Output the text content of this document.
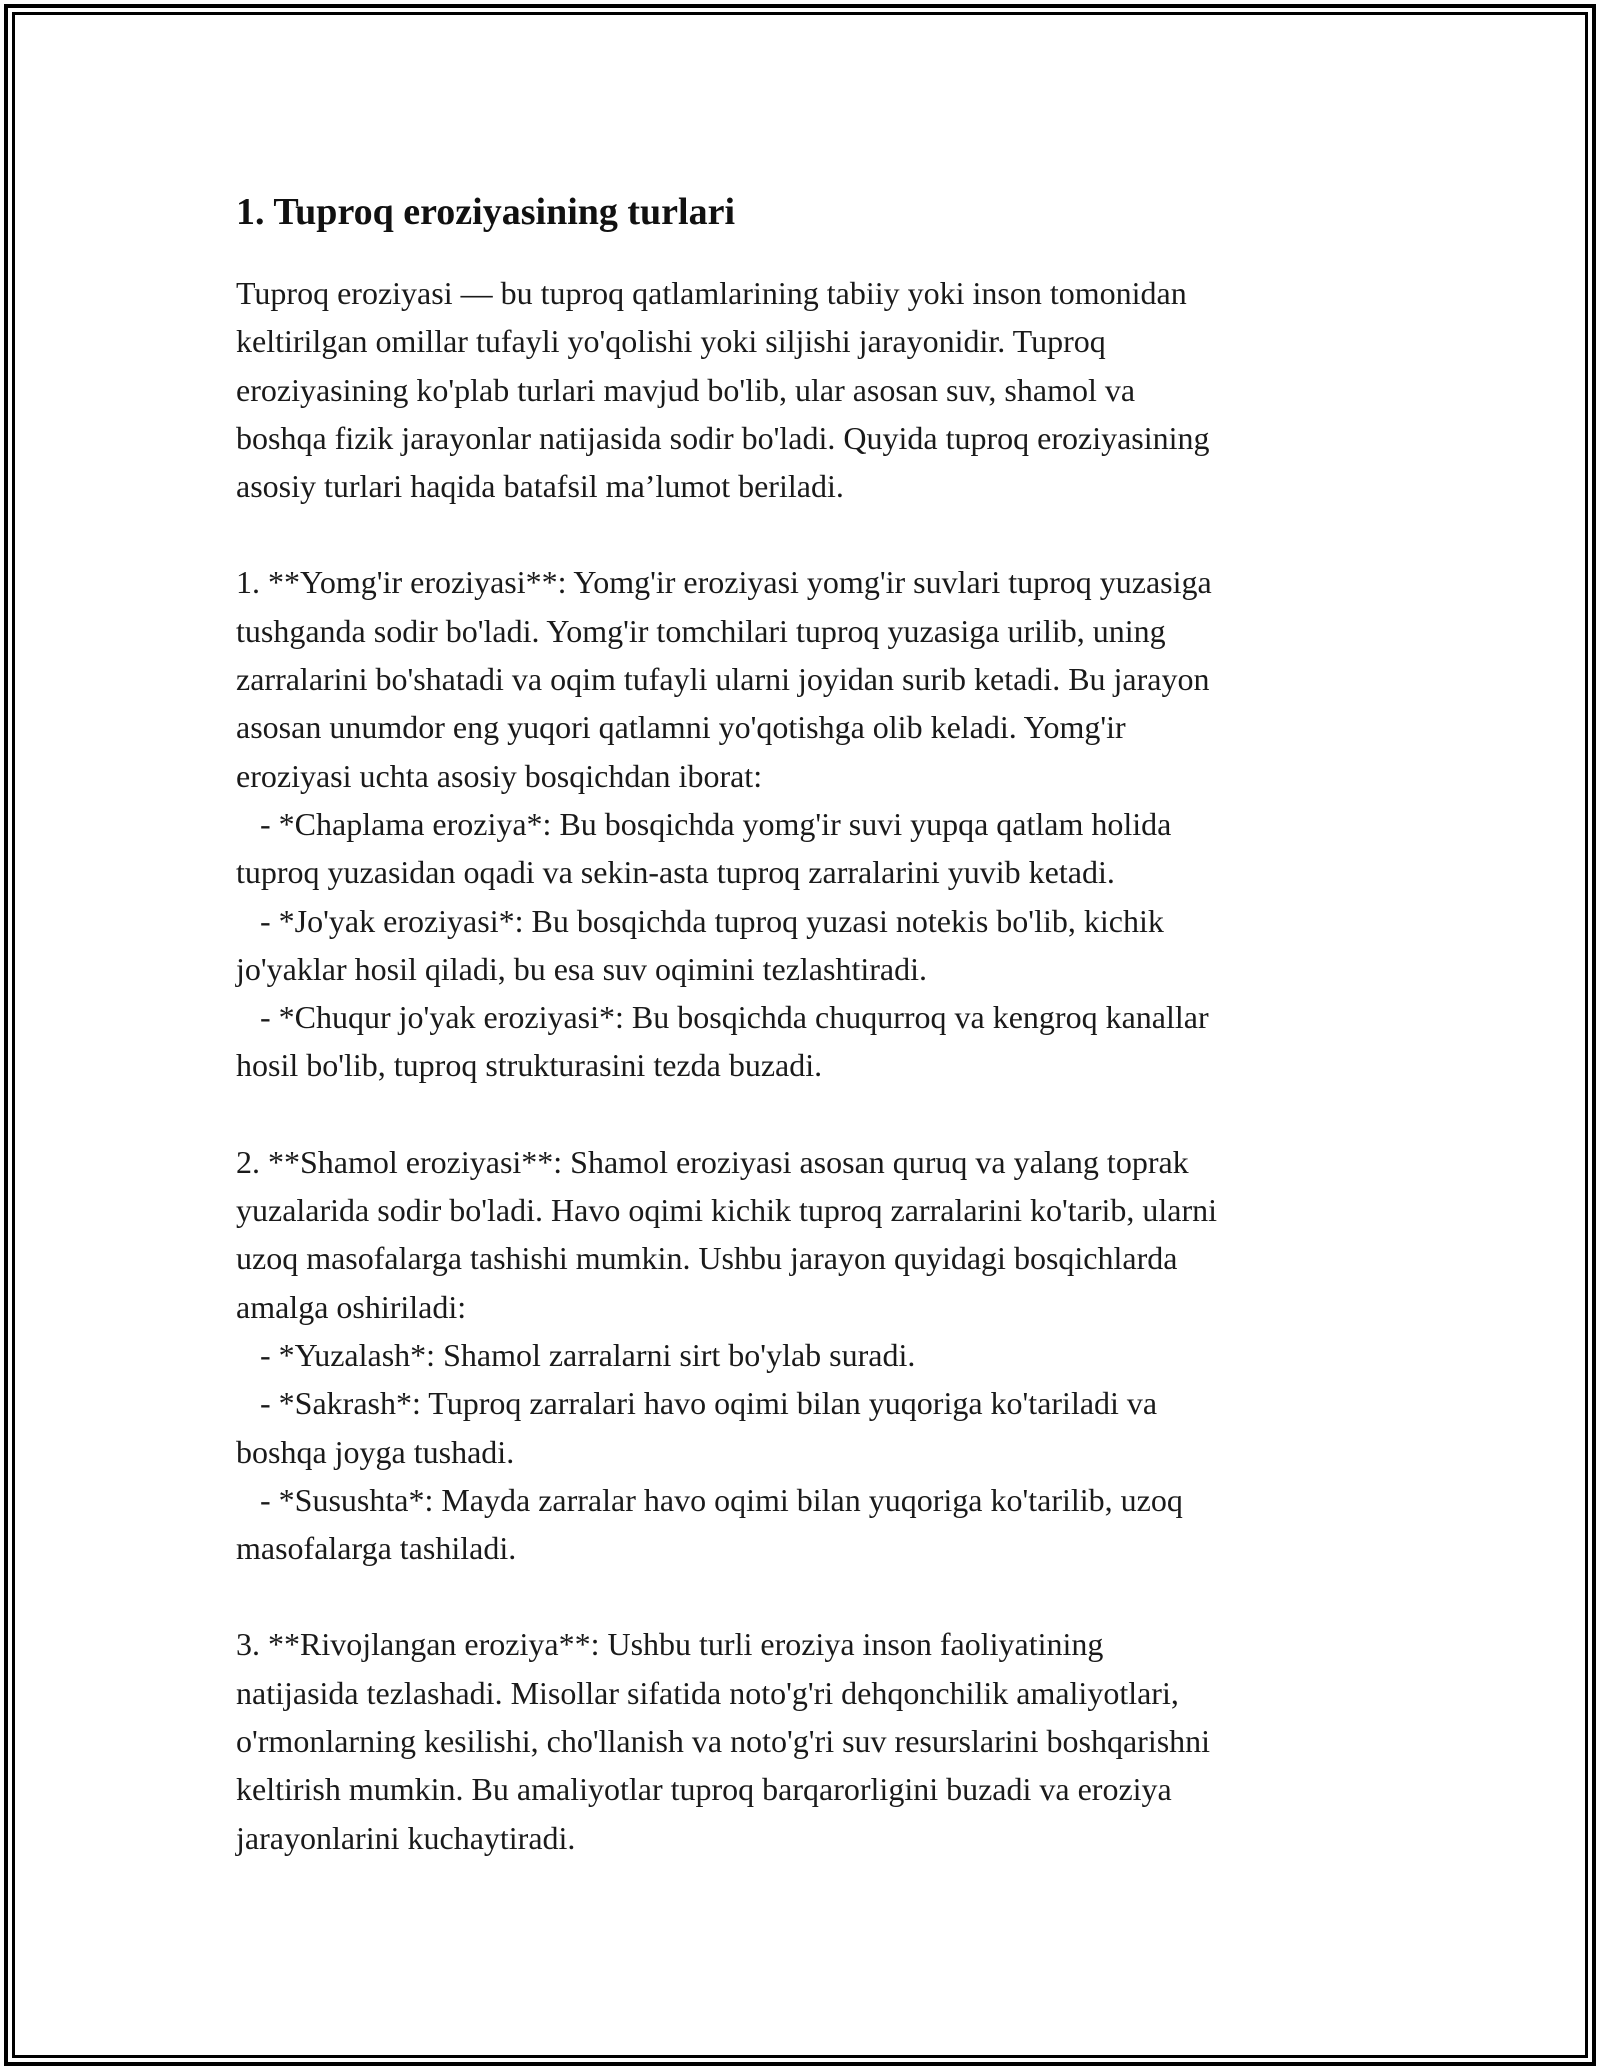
1. Tuproq eroziyasining turlari

Tuproq eroziyasi — bu tuproq qatlamlarining tabiiy yoki inson tomonidan
keltirilgan omillar tufayli yo'qolishi yoki siljishi jarayonidir. Tuproq
eroziyasining ko'plab turlari mavjud bo'lib, ular asosan suv, shamol va
boshqa fizik jarayonlar natijasida sodir bo'ladi. Quyida tuproq eroziyasining
asosiy turlari haqida batafsil ma’lumot beriladi.

1. **Yomg'ir eroziyasi**: Yomg'ir eroziyasi yomg'ir suvlari tuproq yuzasiga
tushganda sodir bo'ladi. Yomg'ir tomchilari tuproq yuzasiga urilib, uning
zarralarini bo'shatadi va oqim tufayli ularni joyidan surib ketadi. Bu jarayon
asosan unumdor eng yuqori qatlamni yo'qotishga olib keladi. Yomg'ir
eroziyasi uchta asosiy bosqichdan iborat:
- *Chaplama eroziya*: Bu bosqichda yomg'ir suvi yupqa qatlam holida
tuproq yuzasidan oqadi va sekin-asta tuproq zarralarini yuvib ketadi.
- *Jo'yak eroziyasi*: Bu bosqichda tuproq yuzasi notekis bo'lib, kichik
jo'yaklar hosil qiladi, bu esa suv oqimini tezlashtiradi.
- *Chuqur jo'yak eroziyasi*: Bu bosqichda chuqurroq va kengroq kanallar
hosil bo'lib, tuproq strukturasini tezda buzadi.

2. **Shamol eroziyasi**: Shamol eroziyasi asosan quruq va yalang toprak
yuzalarida sodir bo'ladi. Havo oqimi kichik tuproq zarralarini ko'tarib, ularni
uzoq masofalarga tashishi mumkin. Ushbu jarayon quyidagi bosqichlarda
amalga oshiriladi:
- *Yuzalash*: Shamol zarralarni sirt bo'ylab suradi.
- *Sakrash*: Tuproq zarralari havo oqimi bilan yuqoriga ko'tariladi va
boshqa joyga tushadi.
- *Susushta*: Mayda zarralar havo oqimi bilan yuqoriga ko'tarilib, uzoq
masofalarga tashiladi.

3. **Rivojlangan eroziya**: Ushbu turli eroziya inson faoliyatining
natijasida tezlashadi. Misollar sifatida noto'g'ri dehqonchilik amaliyotlari,
o'rmonlarning kesilishi, cho'llanish va noto'g'ri suv resurslarini boshqarishni
keltirish mumkin. Bu amaliyotlar tuproq barqarorligini buzadi va eroziya
jarayonlarini kuchaytiradi.
